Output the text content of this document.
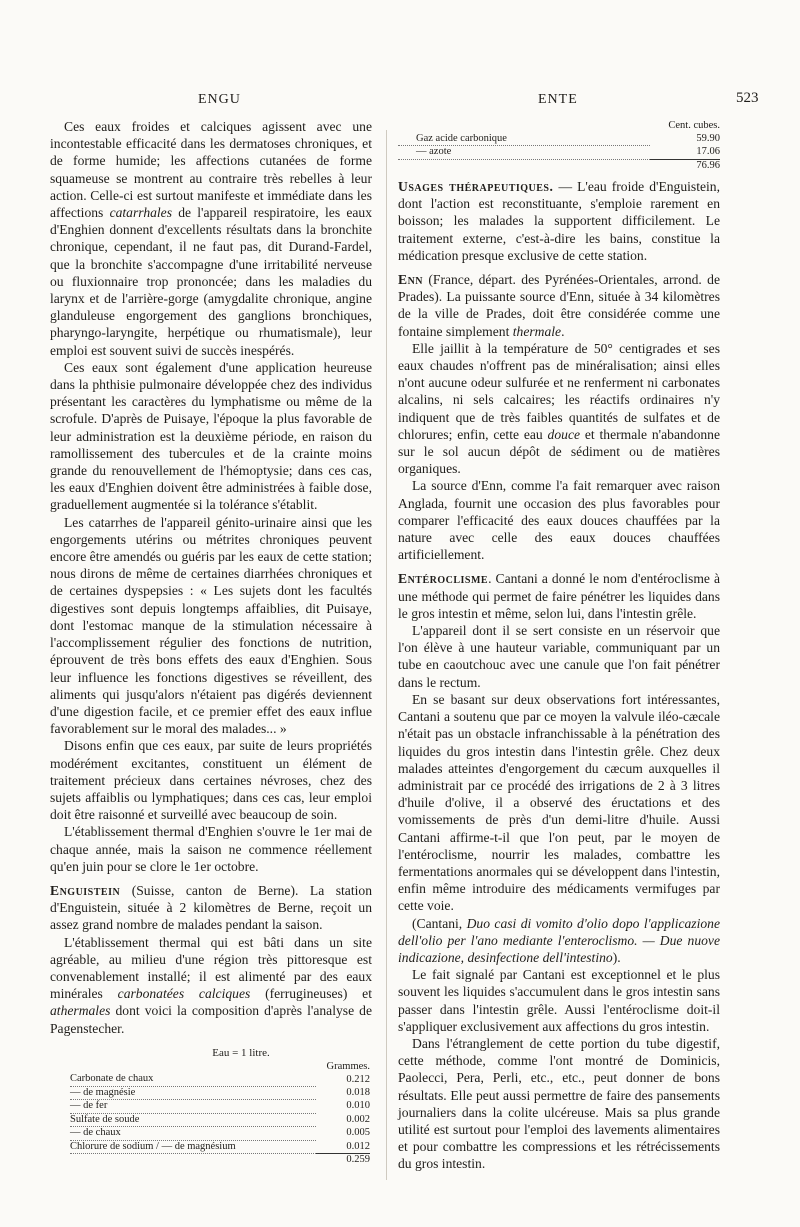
ENGU	ENTE	523

Ces eaux froides et calciques agissent avec une incontestable efficacité dans les dermatoses chroniques, et de forme humide; les affections cutanées de forme squameuse se montrent au contraire très rebelles à leur action. Celle-ci est surtout manifeste et immédiate dans les affections catarrhales de l'appareil respiratoire, les eaux d'Enghien donnent d'excellents résultats dans la bronchite chronique, cependant, il ne faut pas, dit Durand-Fardel, que la bronchite s'accompagne d'une irritabilité nerveuse ou fluxionnaire trop prononcée; dans les maladies du larynx et de l'arrière-gorge (amygdalite chronique, angine glanduleuse engorgement des ganglions bronchiques, pharyngo-laryngite, herpétique ou rhumatismale), leur emploi est souvent suivi de succès inespérés.

Ces eaux sont également d'une application heureuse dans la phthisie pulmonaire développée chez des individus présentant les caractères du lymphatisme ou même de la scrofule. D'après de Puisaye, l'époque la plus favorable de leur administration est la deuxième période, en raison du ramollissement des tubercules et de la crainte moins grande du renouvellement de l'hémoptysie; dans ces cas, les eaux d'Enghien doivent être administrées à faible dose, graduellement augmentée si la tolérance s'établit.

Les catarrhes de l'appareil génito-urinaire ainsi que les engorgements utérins ou métrites chroniques peuvent encore être amendés ou guéris par les eaux de cette station; nous dirons de même de certaines diarrhées chroniques et de certaines dyspepsies : « Les sujets dont les facultés digestives sont depuis longtemps affaiblies, dit Puisaye, dont l'estomac manque de la stimulation nécessaire à l'accomplissement régulier des fonctions de nutrition, éprouvent de très bons effets des eaux d'Enghien. Sous leur influence les fonctions digestives se réveillent, des aliments qui jusqu'alors n'étaient pas digérés deviennent d'une digestion facile, et ce premier effet des eaux influe favorablement sur le moral des malades... »

Disons enfin que ces eaux, par suite de leurs propriétés modérément excitantes, constituent un élément de traitement précieux dans certaines névroses, chez des sujets affaiblis ou lymphatiques; dans ces cas, leur emploi doit être raisonné et surveillé avec beaucoup de soin.

L'établissement thermal d'Enghien s'ouvre le 1er mai de chaque année, mais la saison ne commence réellement qu'en juin pour se clore le 1er octobre.

Enguistein (Suisse, canton de Berne). La station d'Enguistein, située à 2 kilomètres de Berne, reçoit un assez grand nombre de malades pendant la saison.

L'établissement thermal qui est bâti dans un site agréable, au milieu d'une région très pittoresque est convenablement installé; il est alimenté par des eaux minérales carbonatées calciques (ferrugineuses) et athermales dont voici la composition d'après l'analyse de Pagenstecher.

Eau = 1 litre.
	Grammes.
Carbonate de chaux	0.212
— de magnésie	0.018
— de fer	0.010
Sulfate de soude	0.002
— de chaux	0.005
Chlorure de sodium / — de magnésium	0.012
	0.259
	Cent. cubes.
Gaz acide carbonique	59.90
— azote	17.06
	76.96

Usages thérapeutiques. — L'eau froide d'Enguistein, dont l'action est reconstituante, s'emploie rarement en boisson; les malades la supportent difficilement. Le traitement externe, c'est-à-dire les bains, constitue la médication presque exclusive de cette station.

Enn (France, départ. des Pyrénées-Orientales, arrond. de Prades). La puissante source d'Enn, située à 34 kilomètres de la ville de Prades, doit être considérée comme une fontaine simplement thermale.

Elle jaillit à la température de 50° centigrades et ses eaux chaudes n'offrent pas de minéralisation; ainsi elles n'ont aucune odeur sulfurée et ne renferment ni carbonates alcalins, ni sels calcaires; les réactifs ordinaires n'y indiquent que de très faibles quantités de sulfates et de chlorures; enfin, cette eau douce et thermale n'abandonne sur le sol aucun dépôt de sédiment ou de matières organiques.

La source d'Enn, comme l'a fait remarquer avec raison Anglada, fournit une occasion des plus favorables pour comparer l'efficacité des eaux douces chauffées par la nature avec celle des eaux douces chauffées artificiellement.

Entéroclisme. Cantani a donné le nom d'entéroclisme à une méthode qui permet de faire pénétrer les liquides dans le gros intestin et même, selon lui, dans l'intestin grêle.

L'appareil dont il se sert consiste en un réservoir que l'on élève à une hauteur variable, communiquant par un tube en caoutchouc avec une canule que l'on fait pénétrer dans le rectum.

En se basant sur deux observations fort intéressantes, Cantani a soutenu que par ce moyen la valvule iléo-cæcale n'était pas un obstacle infranchissable à la pénétration des liquides du gros intestin dans l'intestin grêle. Chez deux malades atteintes d'engorgement du cæcum auxquelles il administrait par ce procédé des irrigations de 2 à 3 litres d'huile d'olive, il a observé des éructations et des vomissements de près d'un demi-litre d'huile. Aussi Cantani affirme-t-il que l'on peut, par le moyen de l'entéroclisme, nourrir les malades, combattre les fermentations anormales qui se développent dans l'intestin, enfin même introduire des médicaments vermifuges par cette voie.

(Cantani, Duo casi di vomito d'olio dopo l'applicazione dell'olio per l'ano mediante l'enteroclismo. — Due nuove indicazione, desinfectione dell'intestino).

Le fait signalé par Cantani est exceptionnel et le plus souvent les liquides s'accumulent dans le gros intestin sans passer dans l'intestin grêle. Aussi l'entéroclisme doit-il s'appliquer exclusivement aux affections du gros intestin.

Dans l'étranglement de cette portion du tube digestif, cette méthode, comme l'ont montré de Dominicis, Paolecci, Pera, Perli, etc., etc., peut donner de bons résultats. Elle peut aussi permettre de faire des pansements journaliers dans la colite ulcéreuse. Mais sa plus grande utilité est surtout pour l'emploi des lavements alimentaires et pour combattre les compressions et les rétrécissements du gros intestin.
